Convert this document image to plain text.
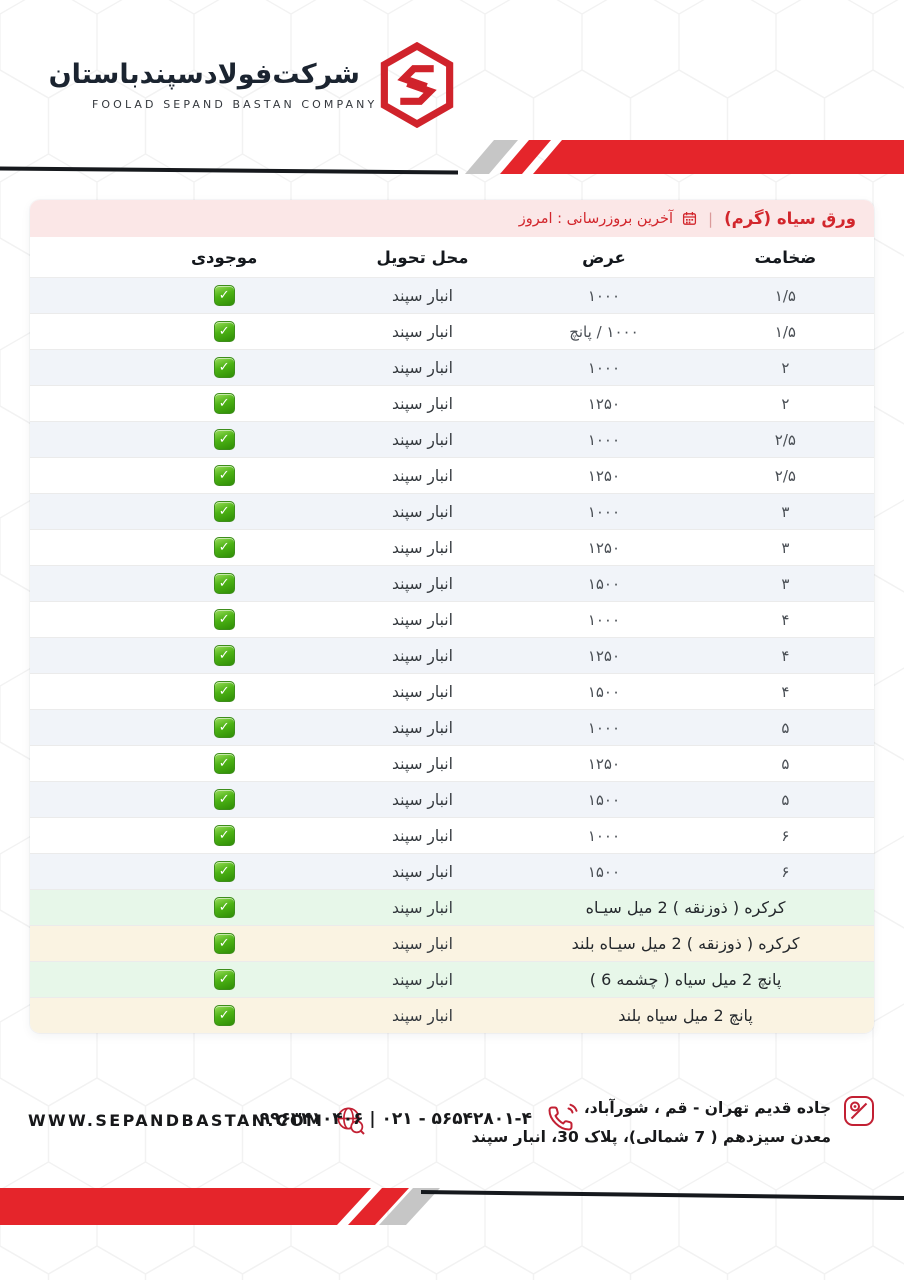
شرکت‌فولادسپندباستان
FOOLAD SEPAND BASTAN COMPANY
ورق سیاه (گرم)
|
آخرین بروزرسانی : امروز
ضخامت
عرض
محل تحویل
موجودی
۱/۵
۱۰۰۰
انبار سپند
✓
۱/۵
۱۰۰۰ / پانچ
انبار سپند
✓
۲
۱۰۰۰
انبار سپند
✓
۲
۱۲۵۰
انبار سپند
✓
۲/۵
۱۰۰۰
انبار سپند
✓
۲/۵
۱۲۵۰
انبار سپند
✓
۳
۱۰۰۰
انبار سپند
✓
۳
۱۲۵۰
انبار سپند
✓
۳
۱۵۰۰
انبار سپند
✓
۴
۱۰۰۰
انبار سپند
✓
۴
۱۲۵۰
انبار سپند
✓
۴
۱۵۰۰
انبار سپند
✓
۵
۱۰۰۰
انبار سپند
✓
۵
۱۲۵۰
انبار سپند
✓
۵
۱۵۰۰
انبار سپند
✓
۶
۱۰۰۰
انبار سپند
✓
۶
۱۵۰۰
انبار سپند
✓
کرکره ( ذوزنقه ) 2 میل سیـاه
انبار سپند
✓
کرکره ( ذوزنقه ) 2 میل سیـاه بلند
انبار سپند
✓
پانچ 2 میل سیاه ( چشمه 6 )
انبار سپند
✓
پانچ 2 میل سیاه بلند
انبار سپند
✓
WWW.SEPANDBASTAN.COM
۰۹۹۶۳۴۱۰۴۰۶ | ۰۲۱ - ۵۶۵۴۲۸۰۱-۴
جاده قدیم تهران - قم ، شورآباد،
معدن سیزدهم ( 7 شمالی)، پلاک 30، انبار سپند
